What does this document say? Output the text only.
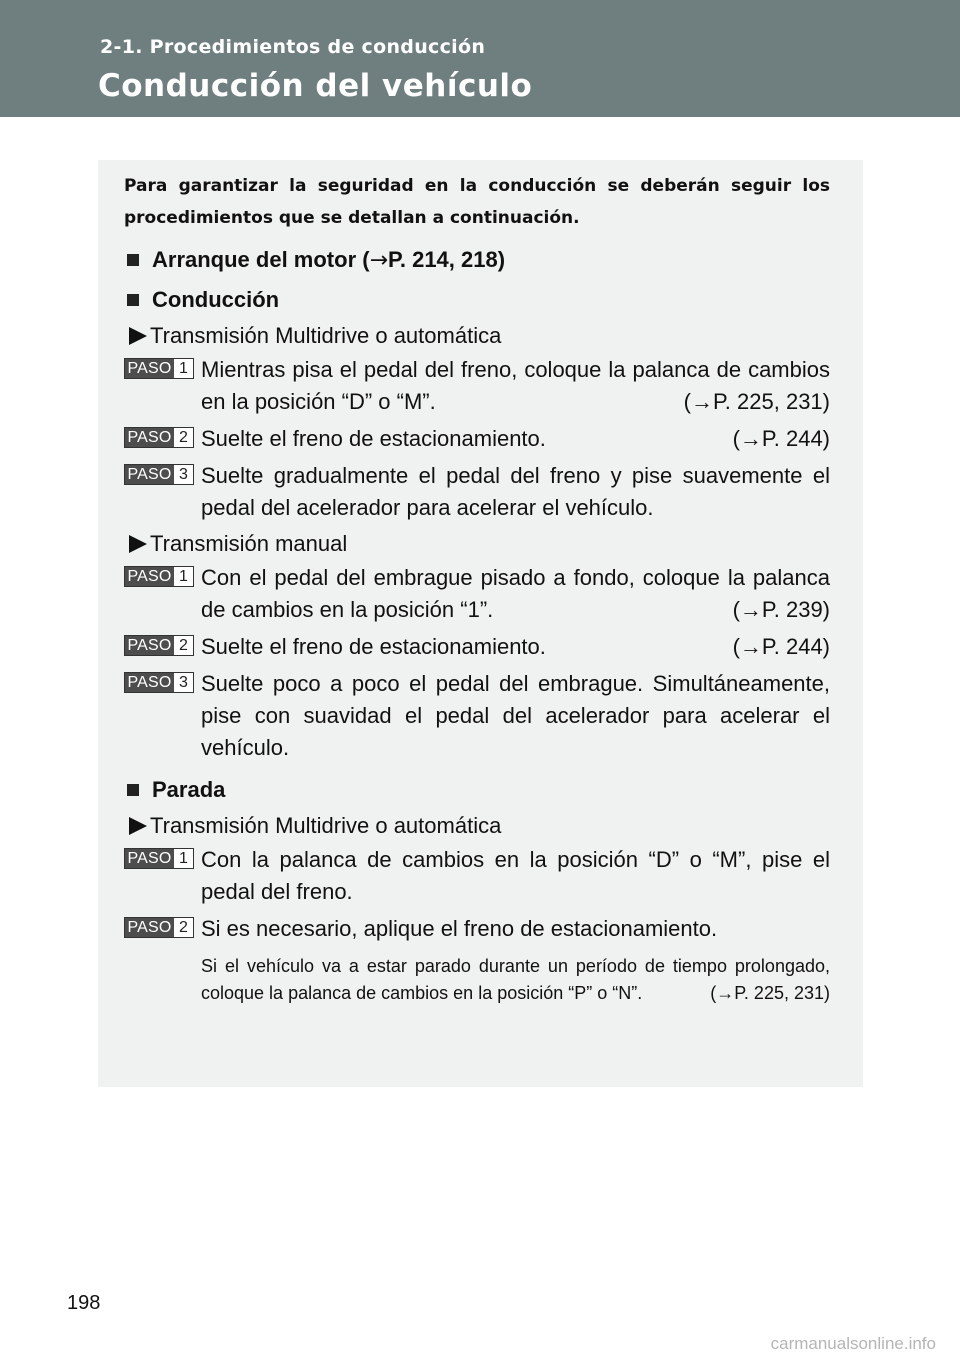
2-1. Procedimientos de conducción
Conducción del vehículo

Para garantizar la seguridad en la conducción se deberán seguir los procedimientos que se detallan a continuación.

Arranque del motor ( → P. 214, 218)
Conducción
Transmisión Multidrive o automática
PASO 1 Mientras pisa el pedal del freno, coloque la palanca de cambios en la posición “D” o “M”.	(→P. 225, 231)
PASO 2 Suelte el freno de estacionamiento.	(→P. 244)
PASO 3 Suelte gradualmente el pedal del freno y pise suavemente el pedal del acelerador para acelerar el vehículo.
Transmisión manual
PASO 1 Con el pedal del embrague pisado a fondo, coloque la palanca de cambios en la posición “1”.	(→P. 239)
PASO 2 Suelte el freno de estacionamiento.	(→P. 244)
PASO 3 Suelte poco a poco el pedal del embrague. Simultáneamente, pise con suavidad el pedal del acelerador para acelerar el vehículo.
Parada
Transmisión Multidrive o automática
PASO 1 Con la palanca de cambios en la posición “D” o “M”, pise el pedal del freno.
PASO 2 Si es necesario, aplique el freno de estacionamiento.
Si el vehículo va a estar parado durante un período de tiempo prolongado, coloque la palanca de cambios en la posición “P” o “N”.	(→P. 225, 231)
198
carmanualsonline.info
